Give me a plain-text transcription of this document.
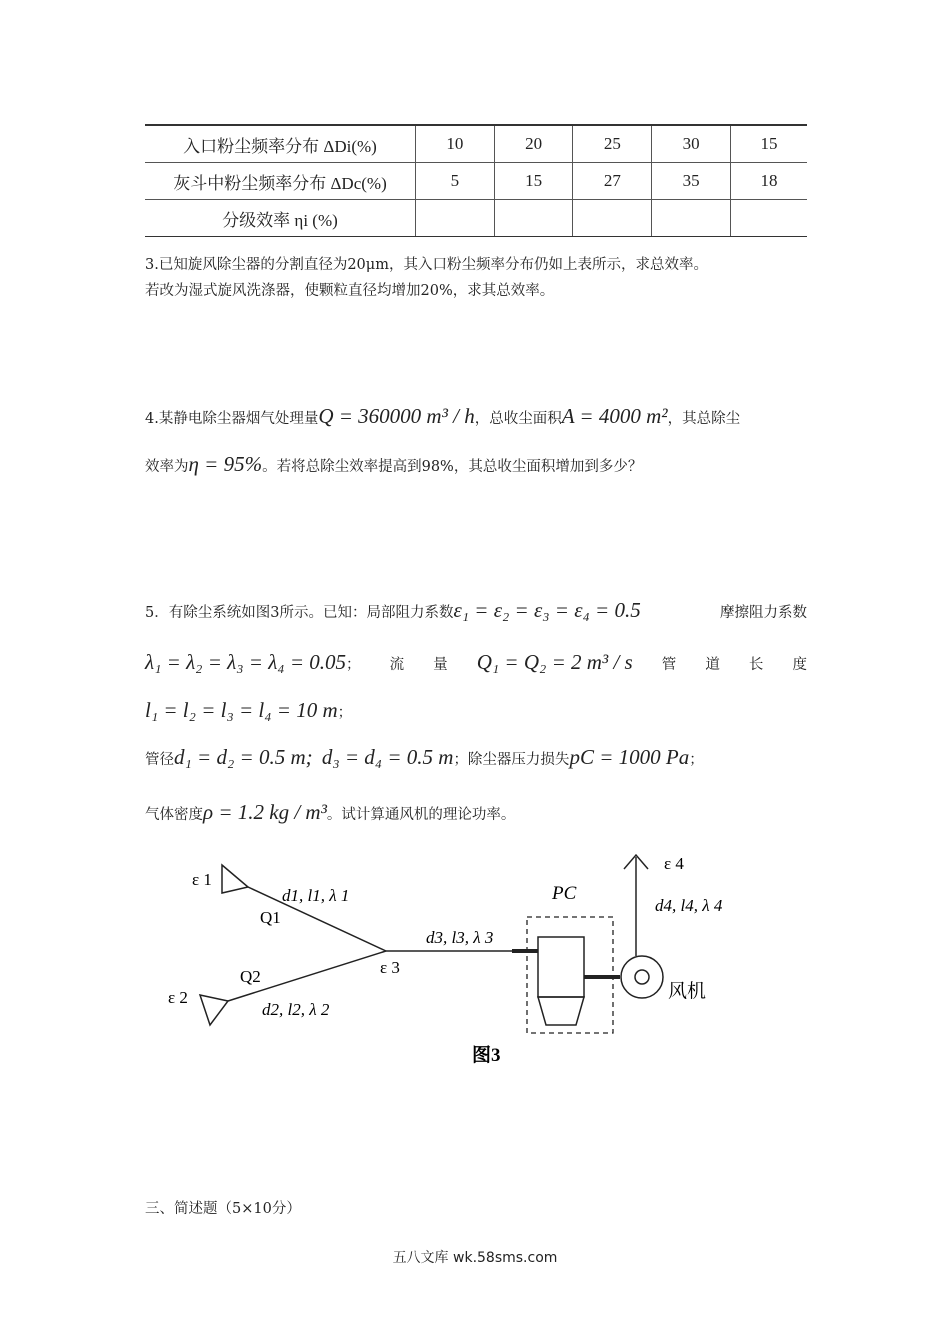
入口粉尘频率分布 ΔDi(%)	10	20	25	30	15
灰斗中粉尘频率分布 ΔDc(%)	5	15	27	35	18
分级效率 ηi (%)					
3.已知旋风除尘器的分割直径为20μm，其入口粉尘频率分布仍如上表所示，求总效率。
若改为湿式旋风洗涤器，使颗粒直径均增加20%，求其总效率。
4.某静电除尘器烟气处理量Q = 360000 m³ / h，总收尘面积A = 4000 m²，其总除尘
效率为η = 95%。若将总除尘效率提高到98%，其总收尘面积增加到多少？
5．有除尘系统如图3所示。已知：局部阻力系数ε₁ = ε₂ = ε₃ = ε₄ = 0.5	摩擦阻力系数
λ₁ = λ₂ = λ₃ = λ₄ = 0.05； 流 量 Q₁ = Q₂ = 2 m³ / s 管 道 长 度
l₁ = l₂ = l₃ = l₄ = 10 m；
管径d₁ = d₂ = 0.5 m; d₃ = d₄ = 0.5 m；除尘器压力损失pC = 1000 Pa；
气体密度ρ = 1.2 kg / m³。试计算通风机的理论功率。
ε 1
ε 2
ε 3
ε 4
Q1
Q2
d1, l1, λ 1
d2, l2, λ 2
d3, l3, λ 3
d4, l4, λ 4
PC
风机
图3
三、简述题（5×10分）
五八文库 wk.58sms.com
